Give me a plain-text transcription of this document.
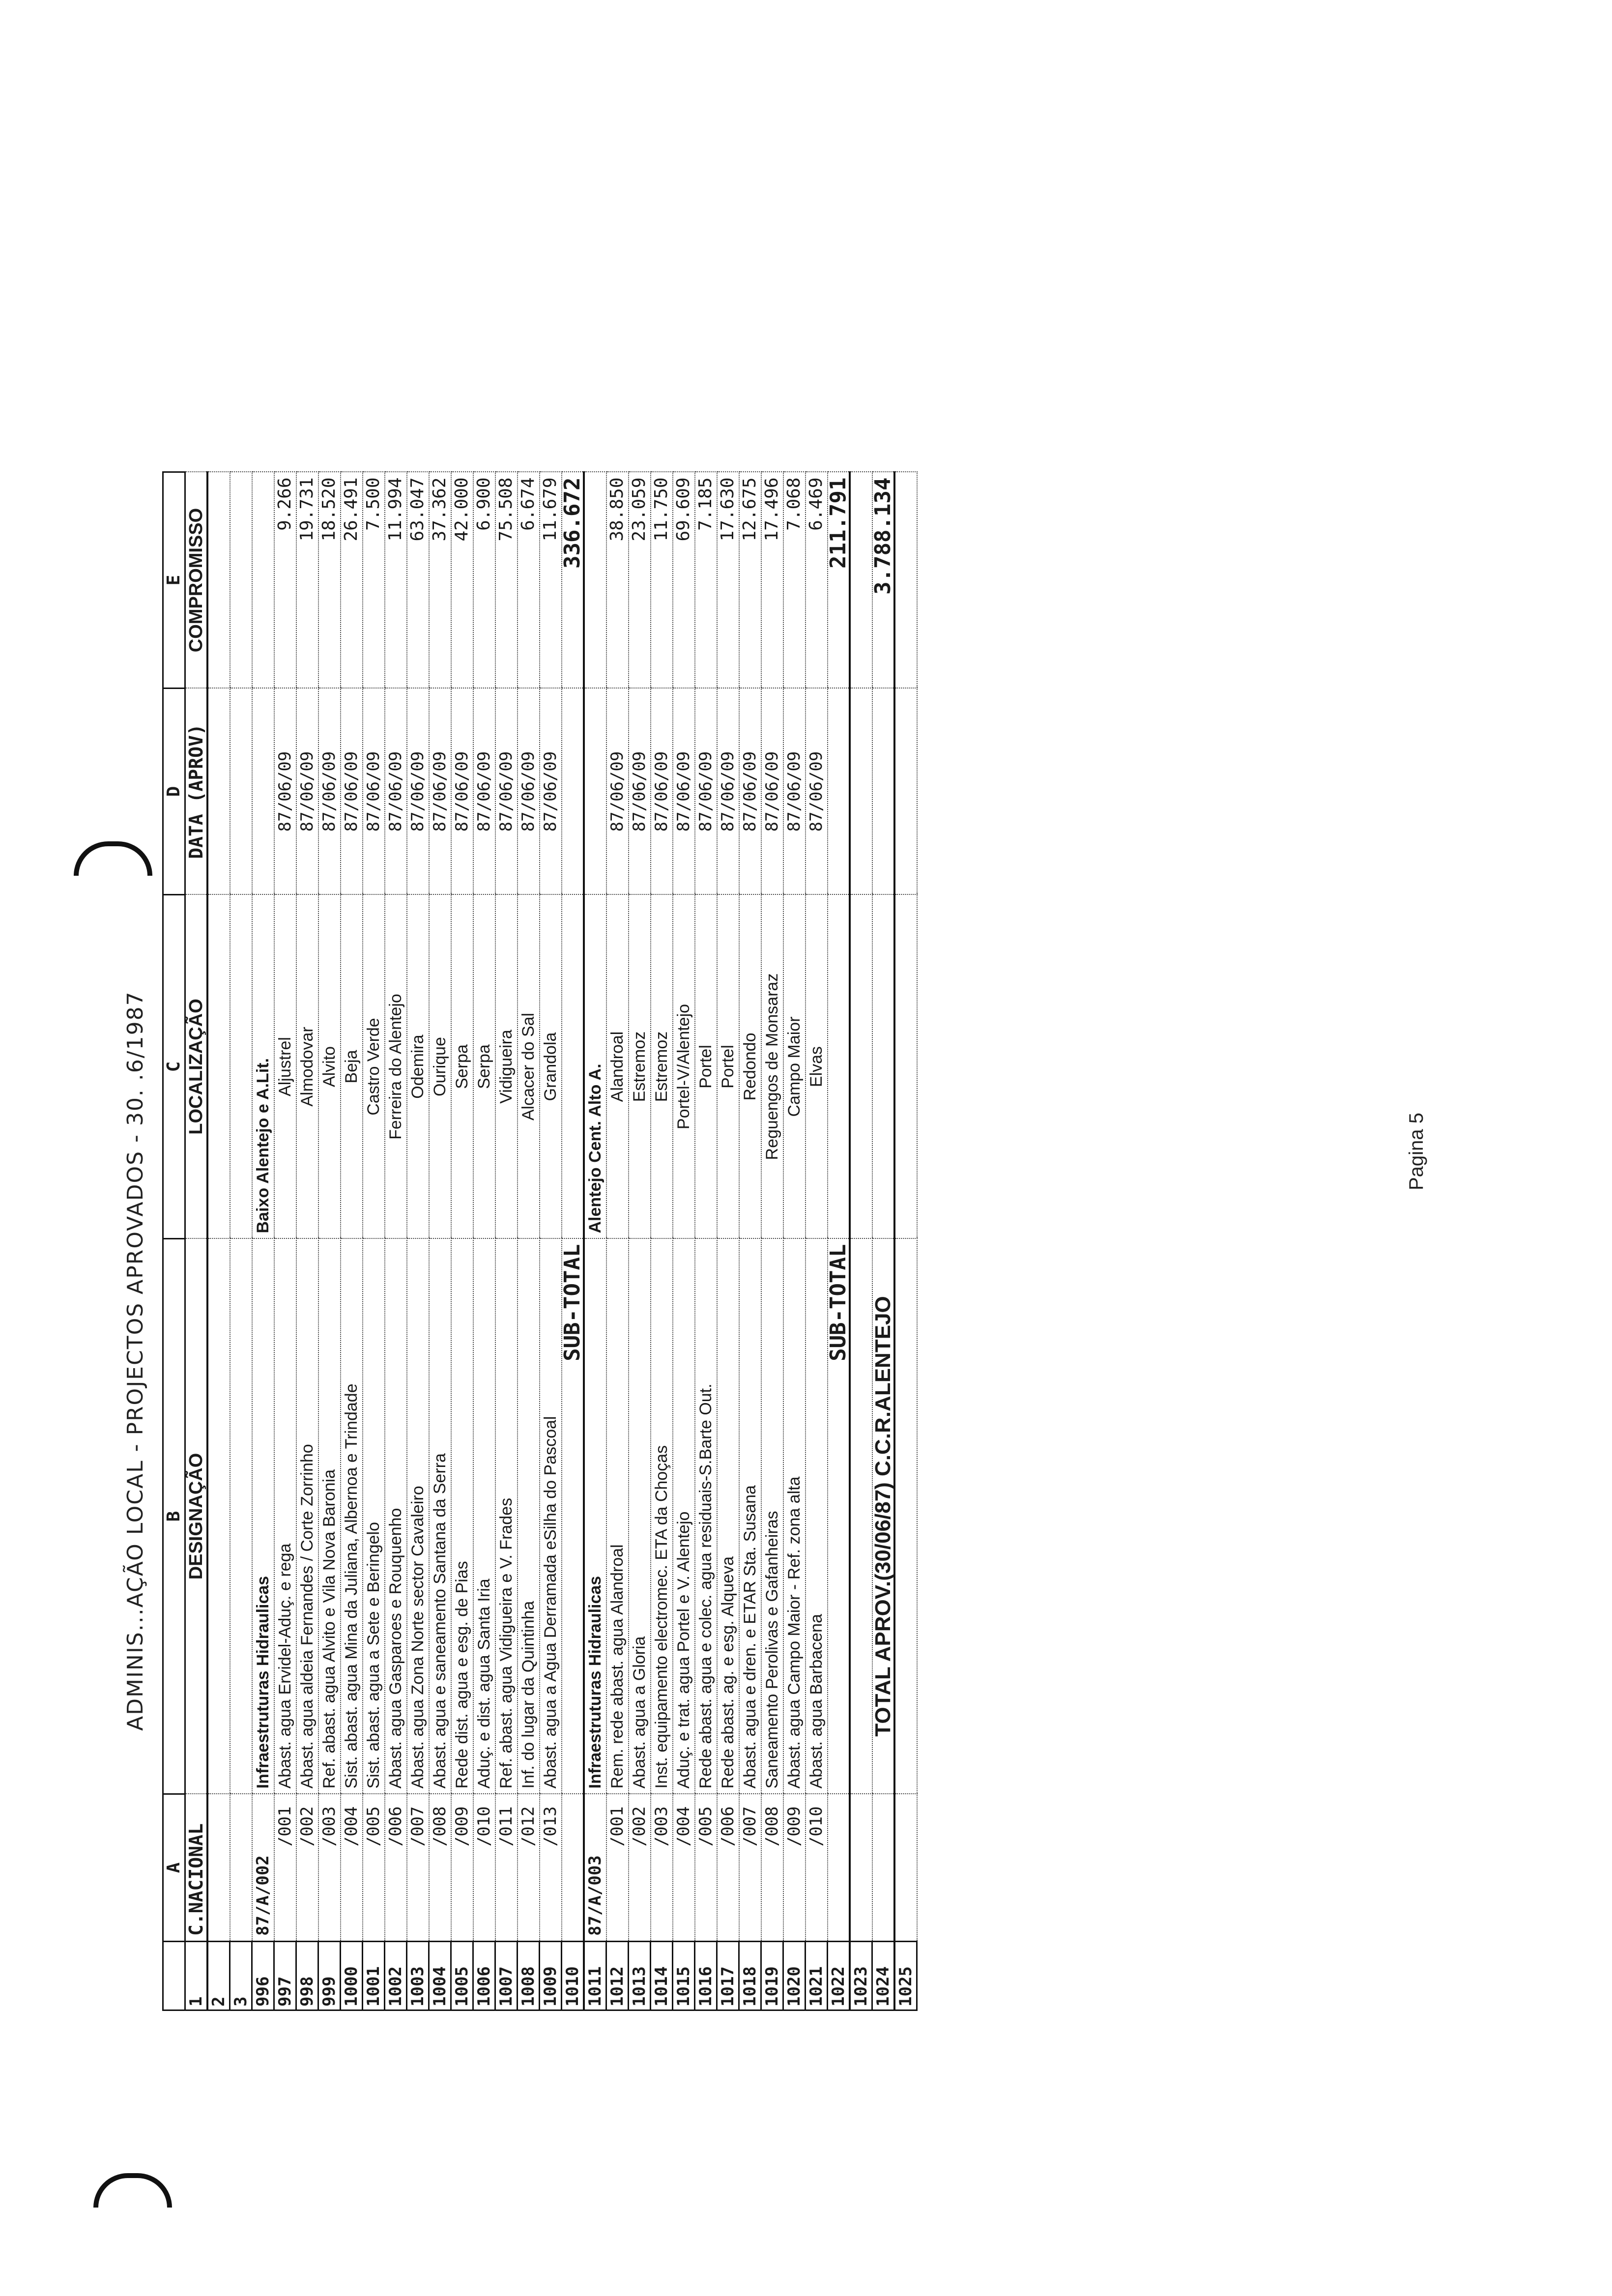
ADMINIS...AÇÃO LOCAL - PROJECTOS APROVADOS - 30. .6/1987
	A	B	C	D	E
1	C.NACIONAL	DESIGNAÇÃO	LOCALIZAÇÃO	DATA (APROV)	COMPROMISSO
2					
3					
996	87/A/002	Infraestruturas Hidraulicas	Baixo Alentejo e A.Lit.		
997	/001	Abast. agua Ervidel-Aduç. e rega	Aljustrel	87/06/09	9.266
998	/002	Abast. agua aldeia Fernandes / Corte Zorrinho	Almodovar	87/06/09	19.731
999	/003	Ref. abast. agua Alvito e Vila Nova Baronia	Alvito	87/06/09	18.520
1000	/004	Sist. abast. agua Mina da Juliana, Albernoa e Trindade	Beja	87/06/09	26.491
1001	/005	Sist. abast. agua a Sete e Beringelo	Castro Verde	87/06/09	7.500
1002	/006	Abast. agua Gasparoes e Rouquenho	Ferreira do Alentejo	87/06/09	11.994
1003	/007	Abast. agua Zona Norte sector Cavaleiro	Odemira	87/06/09	63.047
1004	/008	Abast. agua e saneamento Santana da Serra	Ourique	87/06/09	37.362
1005	/009	Rede dist. agua e esg. de Pias	Serpa	87/06/09	42.000
1006	/010	Aduç. e dist. agua Santa Iria	Serpa	87/06/09	6.900
1007	/011	Ref. abast. agua Vidigueira e V. Frades	Vidigueira	87/06/09	75.508
1008	/012	Inf. do lugar da Quintinha	Alcacer do Sal	87/06/09	6.674
1009	/013	Abast. agua a Agua Derramada eSilha do Pascoal	Grandola	87/06/09	11.679
1010		SUB-TOTAL			336.672
1011	87/A/003	Infraestruturas Hidraulicas	Alentejo Cent. Alto A.		
1012	/001	Rem. rede abast. agua Alandroal	Alandroal	87/06/09	38.850
1013	/002	Abast. agua a Gloria	Estremoz	87/06/09	23.059
1014	/003	Inst. equipamento electromec. ETA da Choças	Estremoz	87/06/09	11.750
1015	/004	Aduç. e trat. agua Portel e V. Alentejo	Portel-V/Alentejo	87/06/09	69.609
1016	/005	Rede abast. agua e colec. agua residuais-S.Barte Out.	Portel	87/06/09	7.185
1017	/006	Rede abast. ag. e esg. Alqueva	Portel	87/06/09	17.630
1018	/007	Abast. agua e dren. e ETAR Sta. Susana	Redondo	87/06/09	12.675
1019	/008	Saneamento Perolivas e Gafanheiras	Reguengos de Monsaraz	87/06/09	17.496
1020	/009	Abast. agua Campo Maior - Ref. zona alta	Campo Maior	87/06/09	7.068
1021	/010	Abast. agua Barbacena	Elvas	87/06/09	6.469
1022		SUB-TOTAL			211.791
1023					
1024		TOTAL APROV.(30/06/87) C.C.R.ALENTEJO			3.788.134
1025					
Pagina 5
